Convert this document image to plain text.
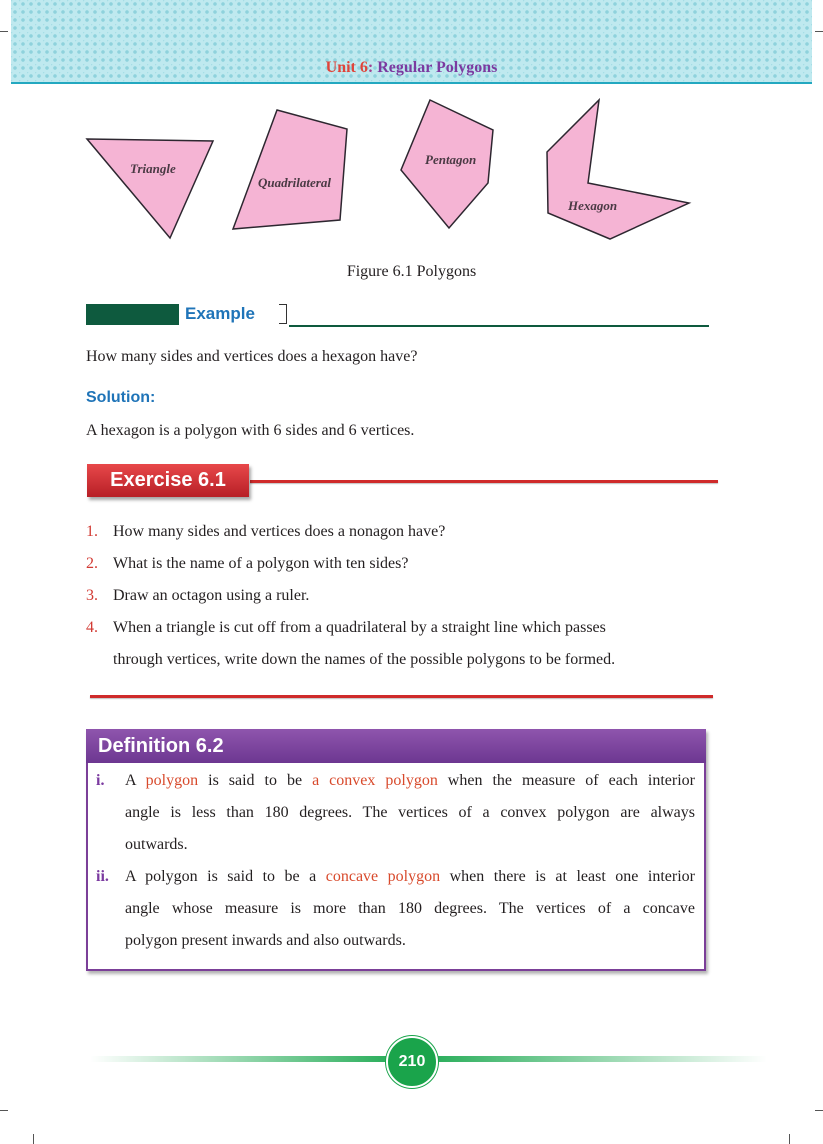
Unit 6: Regular Polygons
Triangle
Quadrilateral
Pentagon
Hexagon
Figure 6.1 Polygons
Example
How many sides and vertices does a hexagon have?
Solution:
A hexagon is a polygon with 6 sides and 6 vertices.
Exercise 6.1
1. How many sides and vertices does a nonagon have?
2. What is the name of a polygon with ten sides?
3. Draw an octagon using a ruler.
4. When a triangle is cut off from a quadrilateral by a straight line which passes
through vertices, write down the names of the possible polygons to be formed.
Definition 6.2
i. A polygon is said to be a convex polygon when the measure of each interior
angle is less than 180 degrees. The vertices of a convex polygon are always
outwards.
ii. A polygon is said to be a concave polygon when there is at least one interior
angle whose measure is more than 180 degrees. The vertices of a concave
polygon present inwards and also outwards.
210
